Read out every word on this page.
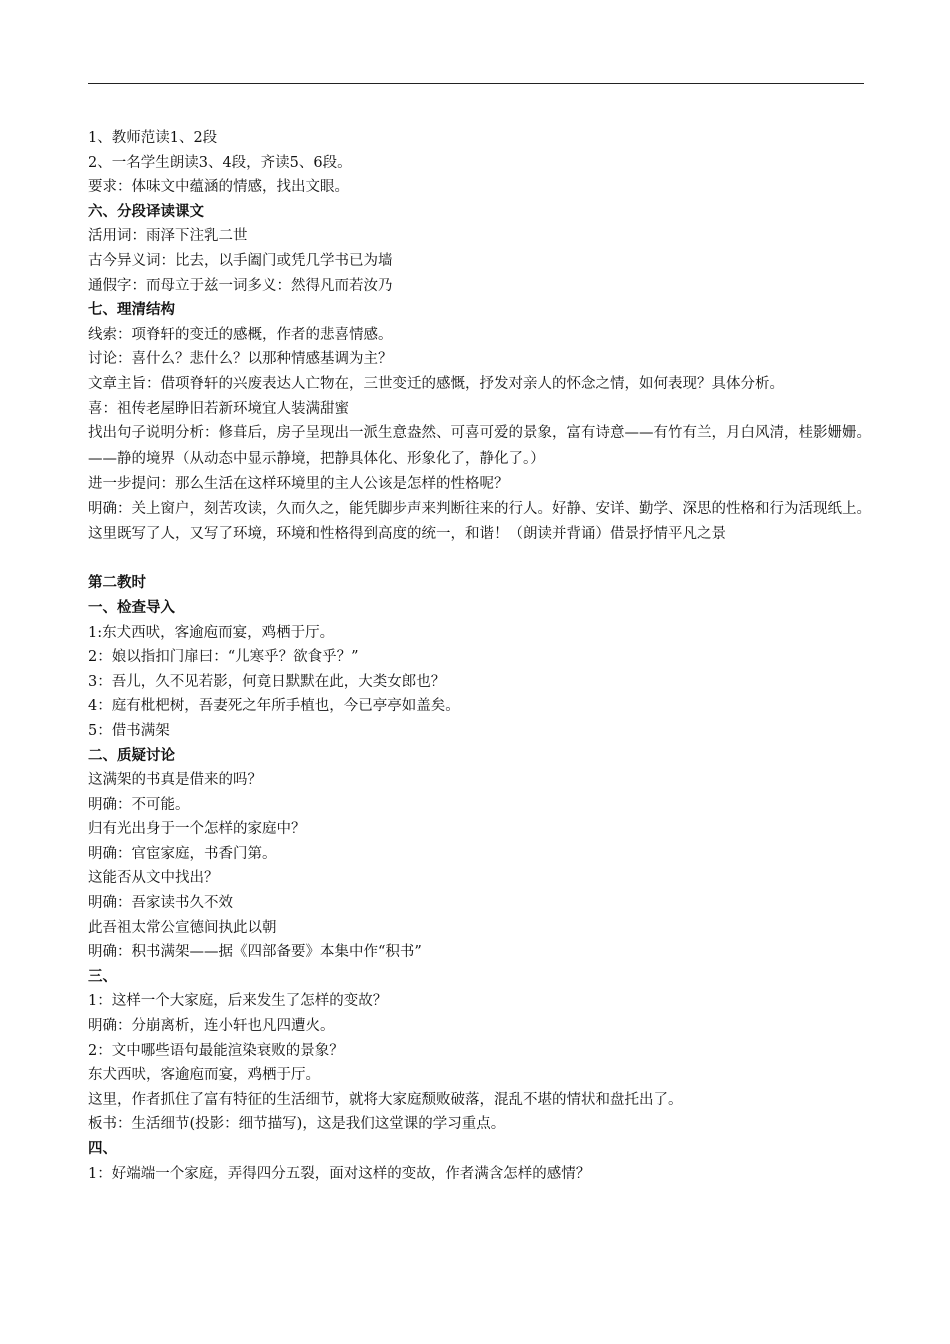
1、教师范读1、2段
2、一名学生朗读3、4段，齐读5、6段。
要求：体味文中蕴涵的情感，找出文眼。
六、分段译读课文
活用词：雨泽下注乳二世
古今异义词：比去，以手阖门或凭几学书已为墙
通假字：而母立于兹一词多义：然得凡而若汝乃
七、理清结构
线索：项脊轩的变迁的感概，作者的悲喜情感。
讨论：喜什么？悲什么？以那种情感基调为主？
文章主旨：借项脊轩的兴废表达人亡物在，三世变迁的感慨，抒发对亲人的怀念之情，如何表现？具体分析。
喜：祖传老屋睁旧若新环境宜人装满甜蜜
找出句子说明分析：修葺后，房子呈现出一派生意盎然、可喜可爱的景象，富有诗意——有竹有兰，月白风清，桂影姗姗。——静的境界（从动态中显示静境，把静具体化、形象化了，静化了。）
进一步提问：那么生活在这样环境里的主人公该是怎样的性格呢？
明确：关上窗户，刻苦攻读，久而久之，能凭脚步声来判断往来的行人。好静、安详、勤学、深思的性格和行为活现纸上。这里既写了人，又写了环境，环境和性格得到高度的统一，和谐！（朗读并背诵）借景抒情平凡之景
第二教时
一、检查导入
1:东犬西吠，客逾庖而宴，鸡栖于厅。
2：娘以指扣门扉曰：“儿寒乎？欲食乎？”
3：吾儿，久不见若影，何竟日默默在此，大类女郎也？
4：庭有枇杷树，吾妻死之年所手植也，今已亭亭如盖矣。
5：借书满架
二、质疑讨论
这满架的书真是借来的吗？
明确：不可能。
归有光出身于一个怎样的家庭中？
明确：官宦家庭，书香门第。
这能否从文中找出？
明确：吾家读书久不效
此吾祖太常公宣德间执此以朝
明确：积书满架——据《四部备要》本集中作“积书”
三、
1：这样一个大家庭，后来发生了怎样的变故？
明确：分崩离析，连小轩也凡四遭火。
2：文中哪些语句最能渲染衰败的景象？
东犬西吠，客逾庖而宴，鸡栖于厅。
这里，作者抓住了富有特征的生活细节，就将大家庭颓败破落，混乱不堪的情状和盘托出了。
板书：生活细节(投影：细节描写)，这是我们这堂课的学习重点。
四、
1：好端端一个家庭，弄得四分五裂，面对这样的变故，作者满含怎样的感情？
